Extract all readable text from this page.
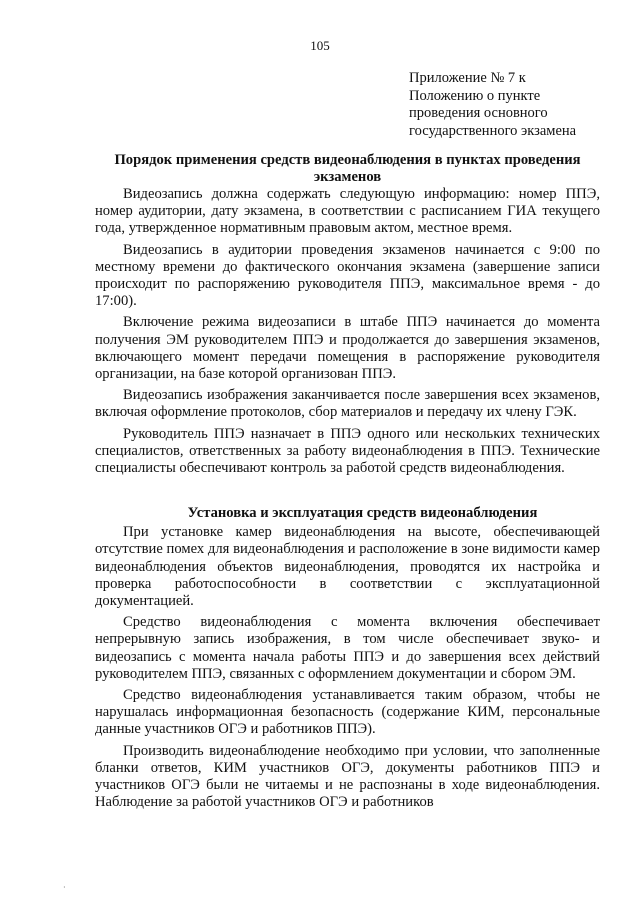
105
Приложение № 7 к
Положению о пункте
проведения основного
государственного экзамена
Порядок применения средств видеонаблюдения в пунктах проведения экзаменов

Видеозапись должна содержать следующую информацию: номер ППЭ, номер аудитории, дату экзамена, в соответствии с расписанием ГИА текущего года, утвержденное нормативным правовым актом, местное время.

Видеозапись в аудитории проведения экзаменов начинается с 9:00 по местному времени до фактического окончания экзамена (завершение записи происходит по распоряжению руководителя ППЭ, максимальное время - до 17:00).

Включение режима видеозаписи в штабе ППЭ начинается до момента получения ЭМ руководителем ППЭ и продолжается до завершения экзаменов, включающего момент передачи помещения в распоряжение руководителя организации, на базе которой организован ППЭ.

Видеозапись изображения заканчивается после завершения всех экзаменов, включая оформление протоколов, сбор материалов и передачу их члену ГЭК.

Руководитель ППЭ назначает в ППЭ одного или нескольких технических специалистов, ответственных за работу видеонаблюдения в ППЭ. Технические специалисты обеспечивают контроль за работой средств видеонаблюдения.

Установка и эксплуатация средств видеонаблюдения

При установке камер видеонаблюдения на высоте, обеспечивающей отсутствие помех для видеонаблюдения и расположение в зоне видимости камер видеонаблюдения объектов видеонаблюдения, проводятся их настройка и проверка работоспособности в соответствии с эксплуатационной документацией.

Средство видеонаблюдения с момента включения обеспечивает непрерывную запись изображения, в том числе обеспечивает звуко- и видеозапись с момента начала работы ППЭ и до завершения всех действий руководителем ППЭ, связанных с оформлением документации и сбором ЭМ.

Средство видеонаблюдения устанавливается таким образом, чтобы не нарушалась информационная безопасность (содержание КИМ, персональные данные участников ОГЭ и работников ППЭ).

Производить видеонаблюдение необходимо при условии, что заполненные бланки ответов, КИМ участников ОГЭ, документы работников ППЭ и участников ОГЭ были не читаемы и не распознаны в ходе видеонаблюдения. Наблюдение за работой участников ОГЭ и работников

·
